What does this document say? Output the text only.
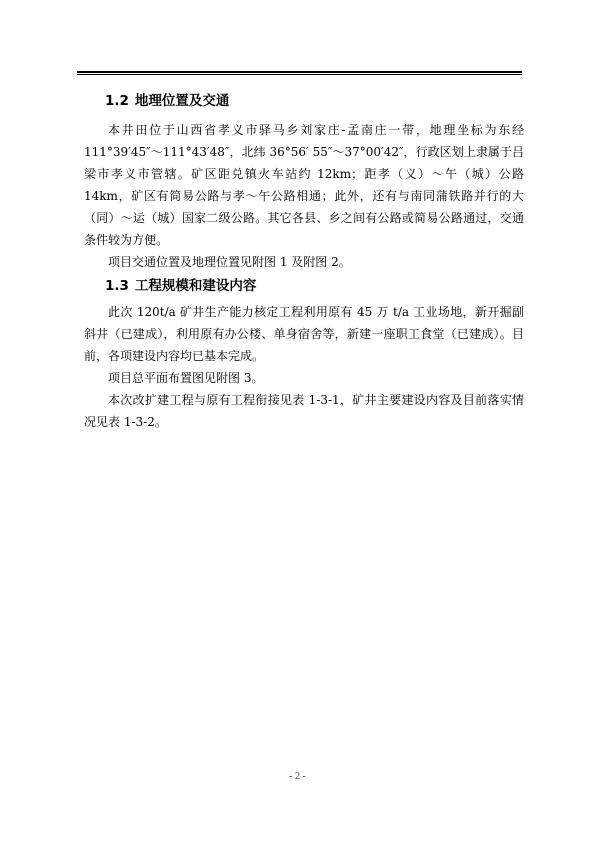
1.2 地理位置及交通

本井田位于山西省孝义市驿马乡刘家庄-孟南庄一带，地理坐标为东经 111°39′45″～111°43′48″，北纬 36°56′ 55″～37°00′42″，行政区划上隶属于吕梁市孝义市管辖。矿区距兑镇火车站约 12km；距孝（义）～午（城）公路 14km，矿区有简易公路与孝～午公路相通；此外，还有与南同蒲铁路并行的大（同）～运（城）国家二级公路。其它各县、乡之间有公路或简易公路通过，交通条件较为方便。

项目交通位置及地理位置见附图 1 及附图 2。

1.3 工程规模和建设内容

此次 120t/a 矿井生产能力核定工程利用原有 45 万 t/a 工业场地，新开掘副斜井（已建成），利用原有办公楼、单身宿舍等，新建一座职工食堂（已建成）。目前，各项建设内容均已基本完成。

项目总平面布置图见附图 3。

本次改扩建工程与原有工程衔接见表 1-3-1，矿井主要建设内容及目前落实情况见表 1-3-2。

- 2 -
